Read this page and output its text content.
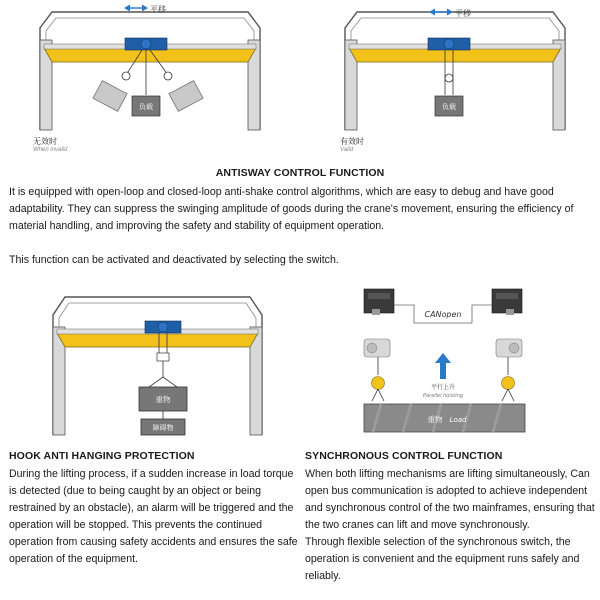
负载
平移
无效时
When invalid
负载
平移
有效时
Valid
ANTISWAY CONTROL FUNCTION
It is equipped with open-loop and closed-loop anti-shake control algorithms, which are easy to debug and have good adaptability. They can suppress the swinging amplitude of goods during the crane's movement, ensuring the efficiency of material handling, and improving the safety and stability of equipment operation.
This function can be activated and deactivated by selecting the switch.
重物
障碍物
CANopen
平行上升
Parallel hoisting
重物 Load
HOOK ANTI HANGING PROTECTION
During the lifting process, if a sudden increase in load torque is detected (due to being caught by an object or being restrained by an obstacle), an alarm will be triggered and the operation will be stopped. This prevents the continued operation from causing safety accidents and ensures the safe operation of the equipment.
SYNCHRONOUS CONTROL FUNCTION
When both lifting mechanisms are lifting simultaneously, Can open bus communication is adopted to achieve independent and synchronous control of the two mainframes, ensuring that the two cranes can lift and move synchronously.
Through flexible selection of the synchronous switch, the operation is convenient and the equipment runs safely and reliably.
